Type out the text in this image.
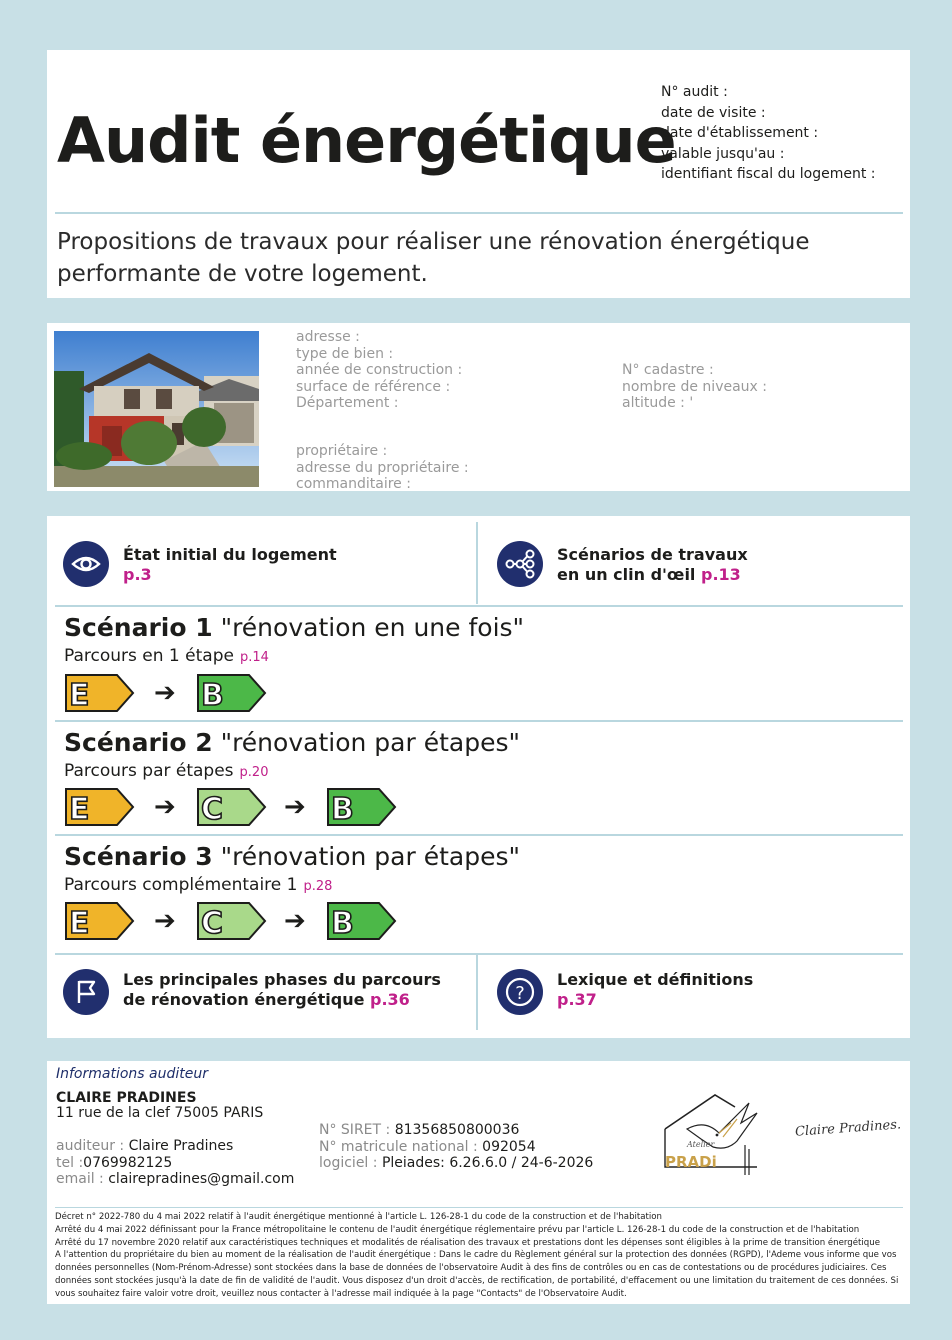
Audit énergétique
N° audit :
date de visite :
date d'établissement :
valable jusqu'au :
identifiant fiscal du logement :
Propositions de travaux pour réaliser une rénovation énergétique performante de votre logement.
adresse :
type de bien :
année de construction :
surface de référence :
Département :
N° cadastre :
nombre de niveaux :
altitude : '
propriétaire :
adresse du propriétaire :
commanditaire :
État initial du logement
p.3
Scénarios de travaux
en un clin d'œil p.13
Scénario 1 "rénovation en une fois"
Parcours en 1 étape p.14
E ➔ B
Scénario 2 "rénovation par étapes"
Parcours par étapes p.20
E ➔ C ➔ B
Scénario 3 "rénovation par étapes"
Parcours complémentaire 1 p.28
E ➔ C ➔ B
Les principales phases du parcours
de rénovation énergétique p.36	?
Lexique et définitions
p.37
Informations auditeur
CLAIRE PRADINES
11 rue de la clef 75005 PARIS
auditeur : Claire Pradines
tel :0769982125
email : clairepradines@gmail.com
N° SIRET : 81356850800036
N° matricule national : 092054
logiciel : Pleiades: 6.26.6.0 / 24-6-2026
Atelier
PRADi
Claire Pradines.
Décret n° 2022-780 du 4 mai 2022 relatif à l'audit énergétique mentionné à l'article L. 126-28-1 du code de la construction et de l'habitation
Arrêté du 4 mai 2022 définissant pour la France métropolitaine le contenu de l'audit énergétique réglementaire prévu par l'article L. 126-28-1 du code de la construction et de l'habitation
Arrêté du 17 novembre 2020 relatif aux caractéristiques techniques et modalités de réalisation des travaux et prestations dont les dépenses sont éligibles à la prime de transition énergétique
A l'attention du propriétaire du bien au moment de la réalisation de l'audit énergétique : Dans le cadre du Règlement général sur la protection des données (RGPD), l'Ademe vous informe que vos données personnelles (Nom-Prénom-Adresse) sont stockées dans la base de données de l'observatoire Audit à des fins de contrôles ou en cas de contestations ou de procédures judiciaires. Ces données sont stockées jusqu'à la date de fin de validité de l'audit. Vous disposez d'un droit d'accès, de rectification, de portabilité, d'effacement ou une limitation du traitement de ces données. Si vous souhaitez faire valoir votre droit, veuillez nous contacter à l'adresse mail indiquée à la page "Contacts" de l'Observatoire Audit.
